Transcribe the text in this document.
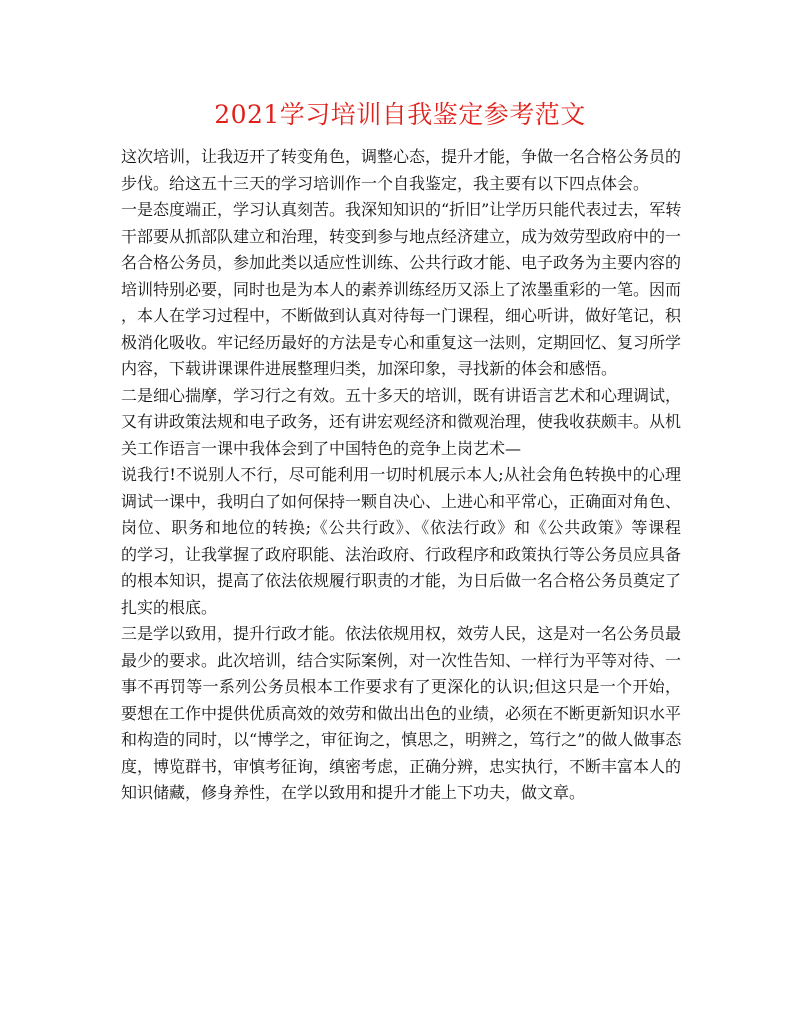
2021学习培训自我鉴定参考范文
这次培训，让我迈开了转变角色，调整心态，提升才能，争做一名合格公务员的
步伐。给这五十三天的学习培训作一个自我鉴定，我主要有以下四点体会。
一是态度端正，学习认真刻苦。我深知知识的“折旧”让学历只能代表过去，军转
干部要从抓部队建立和治理，转变到参与地点经济建立，成为效劳型政府中的一
名合格公务员，参加此类以适应性训练、公共行政才能、电子政务为主要内容的
培训特别必要，同时也是为本人的素养训练经历又添上了浓墨重彩的一笔。因而
，本人在学习过程中，不断做到认真对待每一门课程，细心听讲，做好笔记，积
极消化吸收。牢记经历最好的方法是专心和重复这一法则，定期回忆、复习所学
内容，下载讲课课件进展整理归类，加深印象，寻找新的体会和感悟。
二是细心揣摩，学习行之有效。五十多天的培训，既有讲语言艺术和心理调试，
又有讲政策法规和电子政务，还有讲宏观经济和微观治理，使我收获颇丰。从机
关工作语言一课中我体会到了中国特色的竞争上岗艺术—
说我行!不说别人不行，尽可能利用一切时机展示本人;从社会角色转换中的心理
调试一课中，我明白了如何保持一颗自决心、上进心和平常心，正确面对角色、
岗位、职务和地位的转换;《公共行政》、《依法行政》和《公共政策》等课程
的学习，让我掌握了政府职能、法治政府、行政程序和政策执行等公务员应具备
的根本知识，提高了依法依规履行职责的才能，为日后做一名合格公务员奠定了
扎实的根底。
三是学以致用，提升行政才能。依法依规用权，效劳人民，这是对一名公务员最
最少的要求。此次培训，结合实际案例，对一次性告知、一样行为平等对待、一
事不再罚等一系列公务员根本工作要求有了更深化的认识;但这只是一个开始，
要想在工作中提供优质高效的效劳和做出出色的业绩，必须在不断更新知识水平
和构造的同时，以“博学之，审征询之，慎思之，明辨之，笃行之”的做人做事态
度，博览群书，审慎考征询，缜密考虑，正确分辨，忠实执行，不断丰富本人的
知识储藏，修身养性，在学以致用和提升才能上下功夫，做文章。
